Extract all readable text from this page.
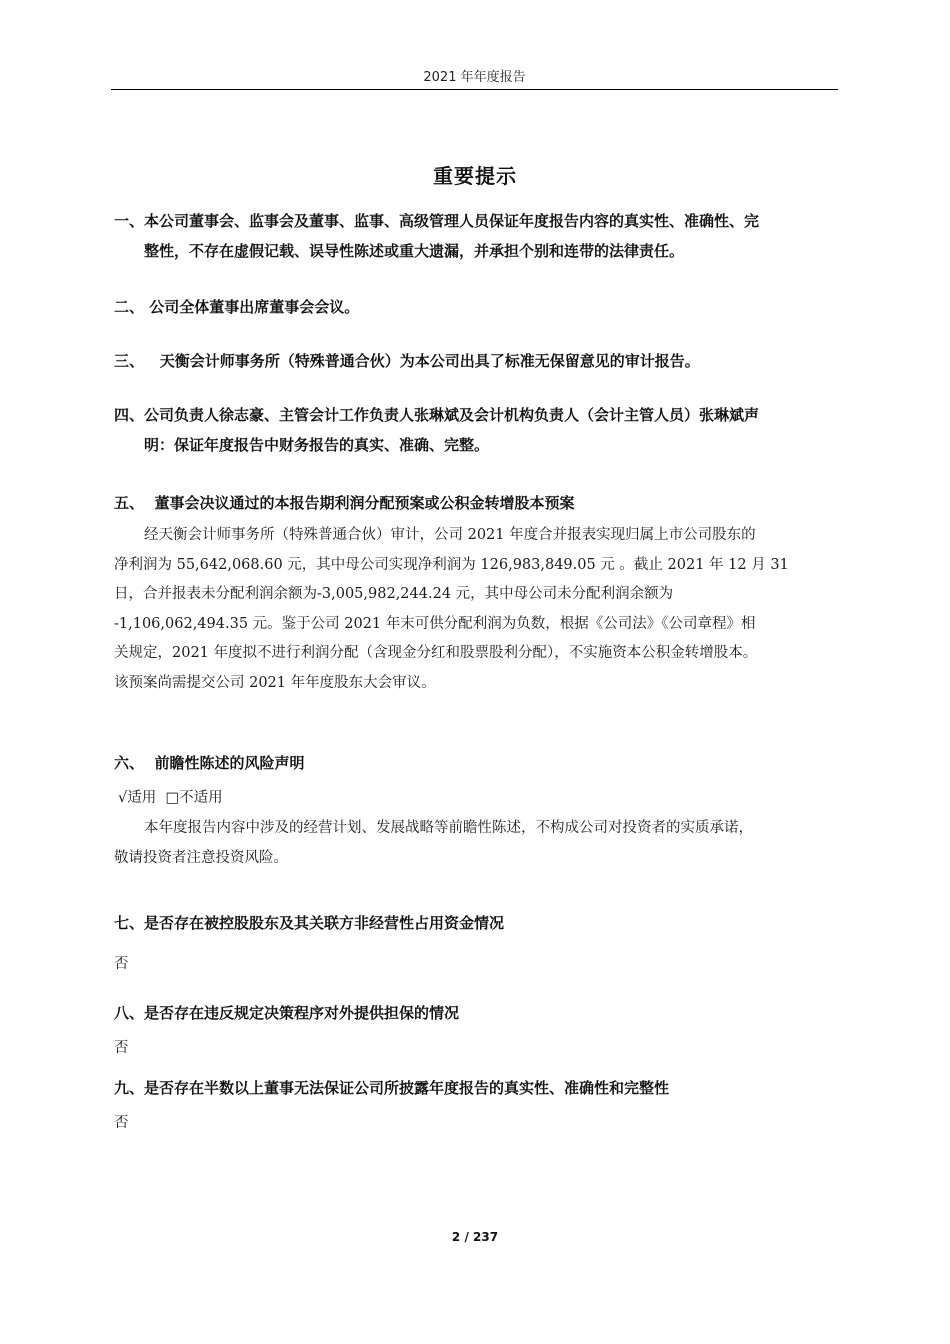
2021 年年度报告
重要提示
一、本公司董事会、监事会及董事、监事、高级管理人员保证年度报告内容的真实性、准确性、完
整性，不存在虚假记载、误导性陈述或重大遗漏，并承担个别和连带的法律责任。
二、 公司全体董事出席董事会会议。
三、 天衡会计师事务所（特殊普通合伙）为本公司出具了标准无保留意见的审计报告。
四、公司负责人徐志豪、主管会计工作负责人张琳斌及会计机构负责人（会计主管人员）张琳斌声
明：保证年度报告中财务报告的真实、准确、完整。
五、 董事会决议通过的本报告期利润分配预案或公积金转增股本预案
经天衡会计师事务所（特殊普通合伙）审计，公司 2021 年度合并报表实现归属上市公司股东的
净利润为 55,642,068.60 元，其中母公司实现净利润为 126,983,849.05 元 。截止 2021 年 12 月 31
日，合并报表未分配利润余额为-3,005,982,244.24 元，其中母公司未分配利润余额为
-1,106,062,494.35 元。鉴于公司 2021 年末可供分配利润为负数，根据《公司法》《公司章程》相
关规定，2021 年度拟不进行利润分配（含现金分红和股票股利分配），不实施资本公积金转增股本。
该预案尚需提交公司 2021 年年度股东大会审议。
六、 前瞻性陈述的风险声明
√适用 □不适用
本年度报告内容中涉及的经营计划、发展战略等前瞻性陈述，不构成公司对投资者的实质承诺，
敬请投资者注意投资风险。
七、是否存在被控股股东及其关联方非经营性占用资金情况
否
八、是否存在违反规定决策程序对外提供担保的情况
否
九、是否存在半数以上董事无法保证公司所披露年度报告的真实性、准确性和完整性
否
2 / 237
